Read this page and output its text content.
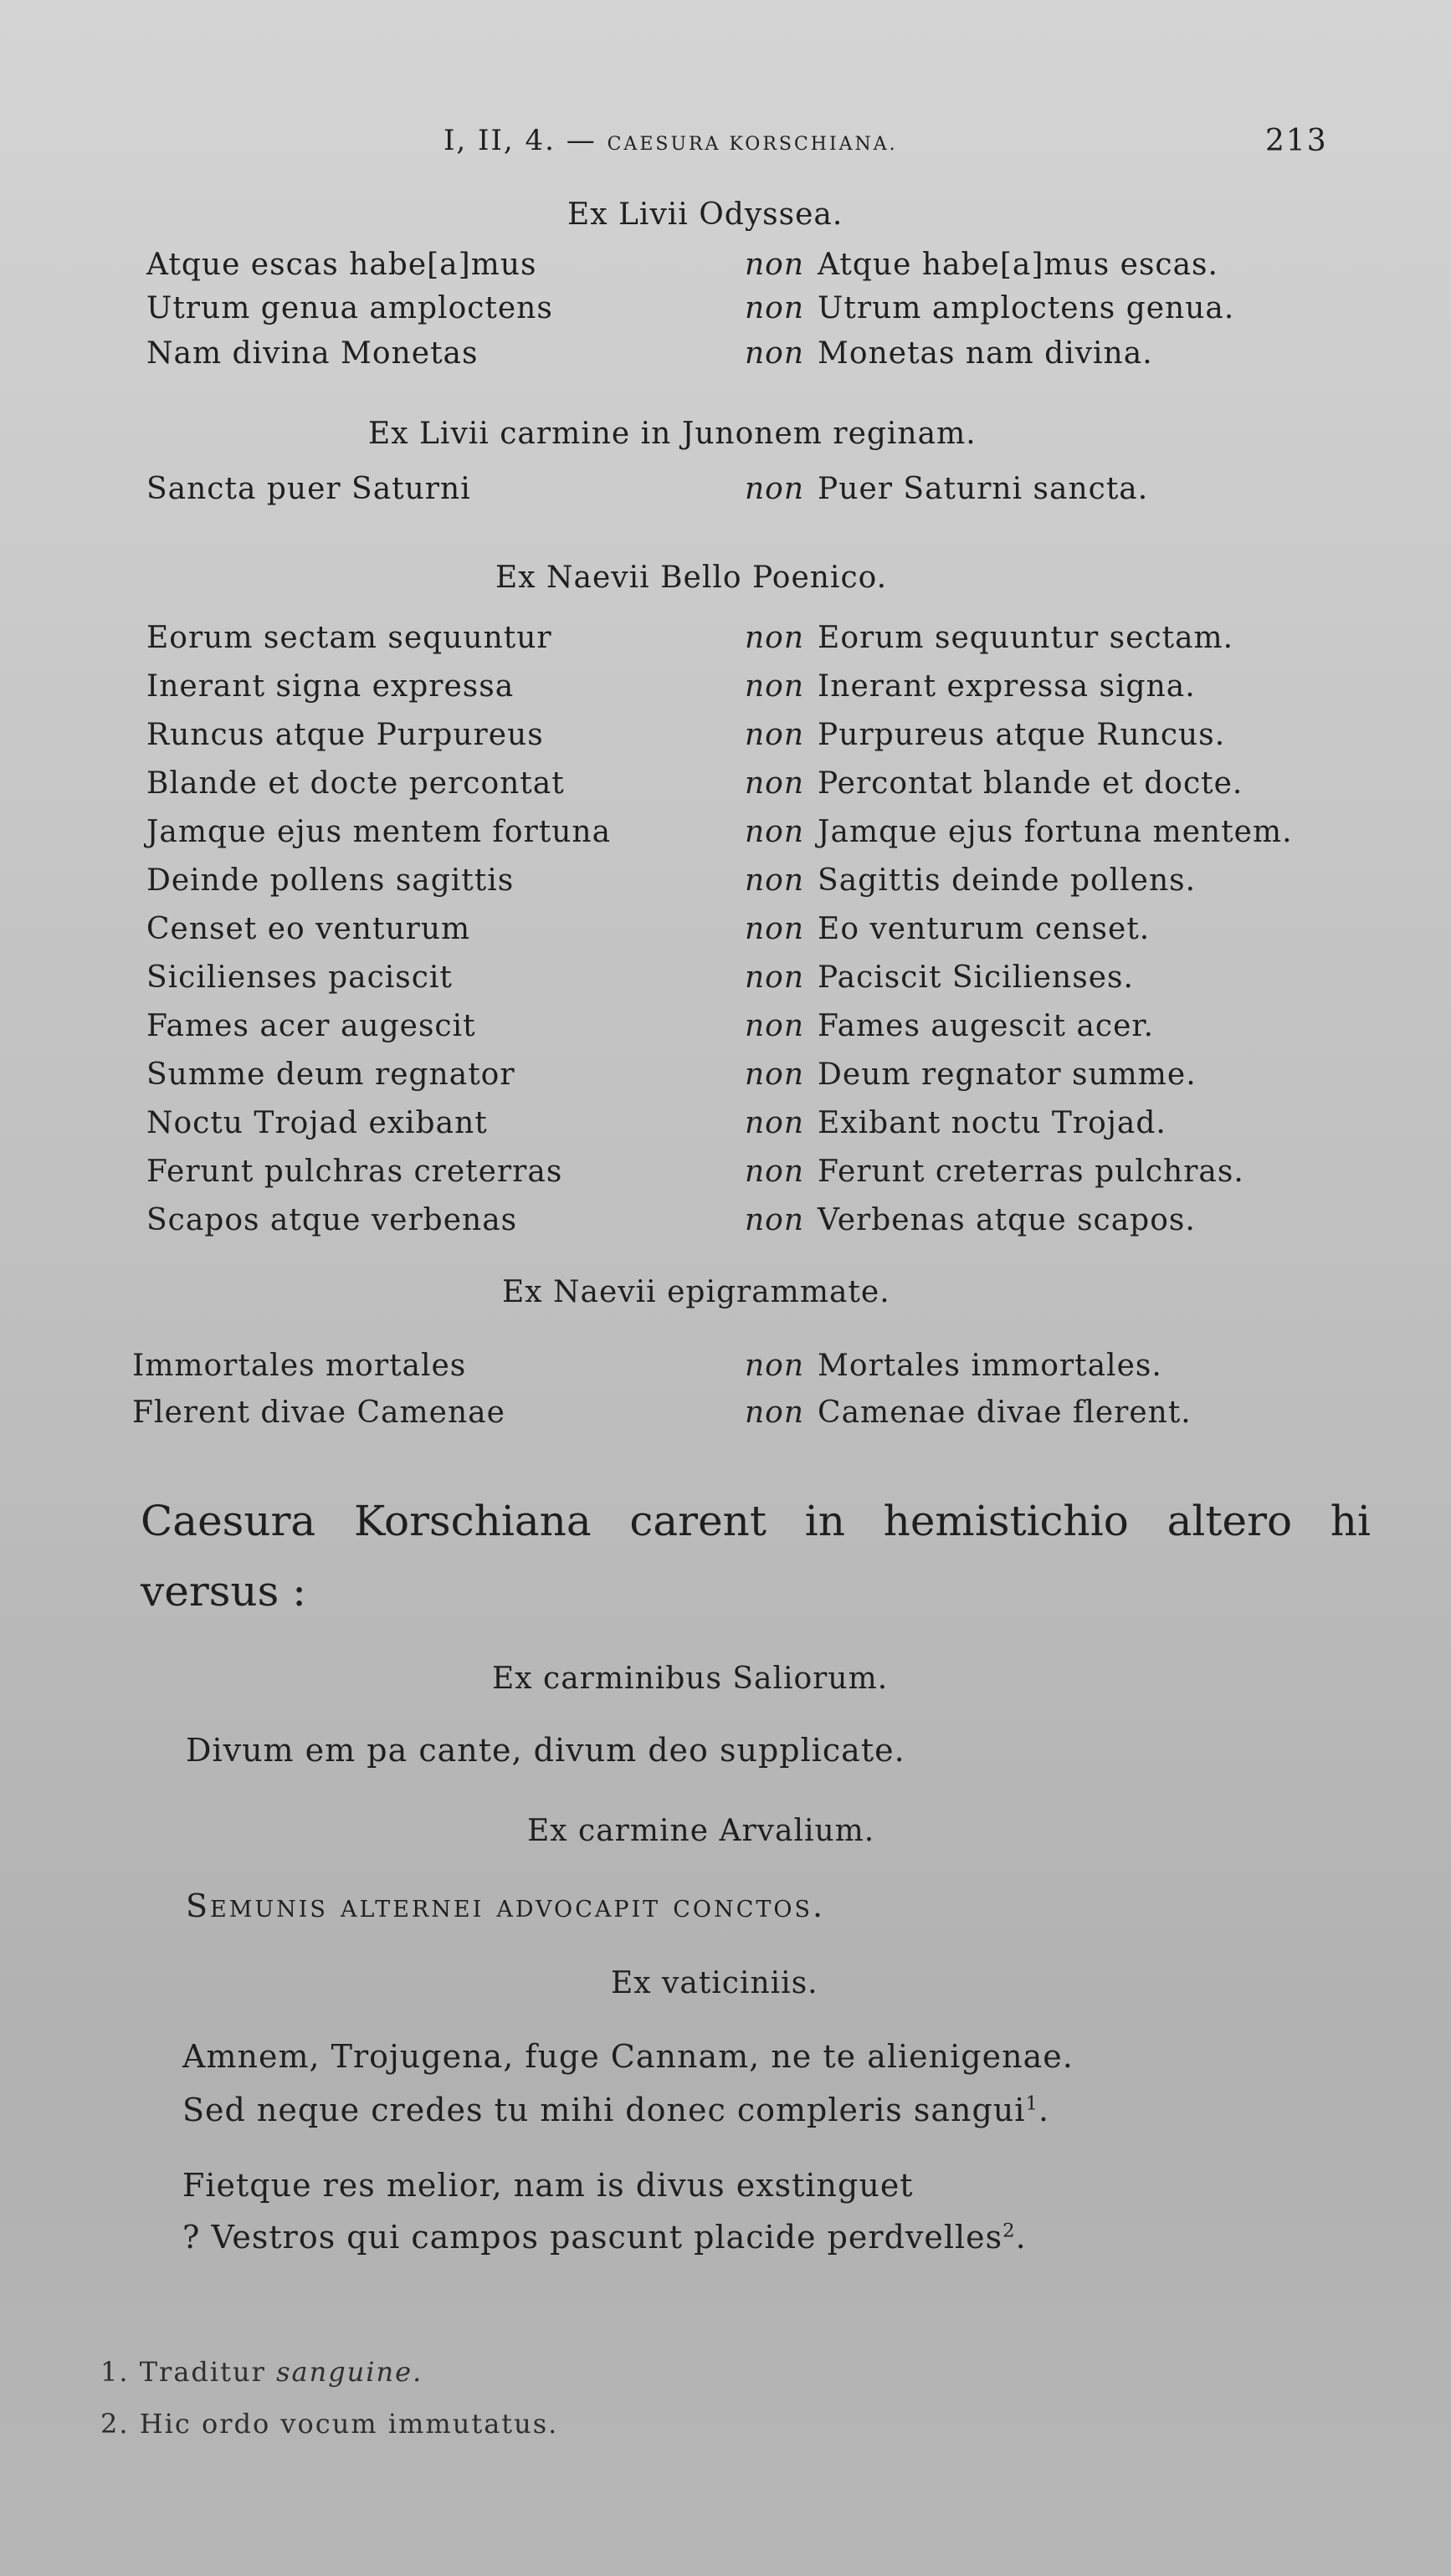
I, II, 4. — CAESURA KORSCHIANA.	213
Ex Livii Odyssea.
Atque escas habe[a]mus	non Atque habe[a]mus escas.
Utrum genua amploctens	non Utrum amploctens genua.
Nam divina Monetas	non Monetas nam divina.
Ex Livii carmine in Junonem reginam.
Sancta puer Saturni	non Puer Saturni sancta.
Ex Naevii Bello Poenico.
Eorum sectam sequuntur	non Eorum sequuntur sectam.
Inerant signa expressa	non Inerant expressa signa.
Runcus atque Purpureus	non Purpureus atque Runcus.
Blande et docte percontat	non Percontat blande et docte.
Jamque ejus mentem fortuna	non Jamque ejus fortuna mentem.
Deinde pollens sagittis	non Sagittis deinde pollens.
Censet eo venturum	non Eo venturum censet.
Sicilienses paciscit	non Paciscit Sicilienses.
Fames acer augescit	non Fames augescit acer.
Summe deum regnator	non Deum regnator summe.
Noctu Trojad exibant	non Exibant noctu Trojad.
Ferunt pulchras creterras	non Ferunt creterras pulchras.
Scapos atque verbenas	non Verbenas atque scapos.
Ex Naevii epigrammate.
Immortales mortales	non Mortales immortales.
Flerent divae Camenae	non Camenae divae flerent.
Caesura Korschiana carent in hemistichio altero hi versus :
Ex carminibus Saliorum.
Divum em pa cante, divum deo supplicate.
Ex carmine Arvalium.
Semunis alternei advocapit conctos.
Ex vaticiniis.
Amnem, Trojugena, fuge Cannam, ne te alienigenae.
Sed neque credes tu mihi donec compleris sangui$^1$.
Fietque res melior, nam is divus exstinguet
? Vestros qui campos pascunt placide perdvelles$^2$.
1. Traditur sanguine.
2. Hic ordo vocum immutatus.
